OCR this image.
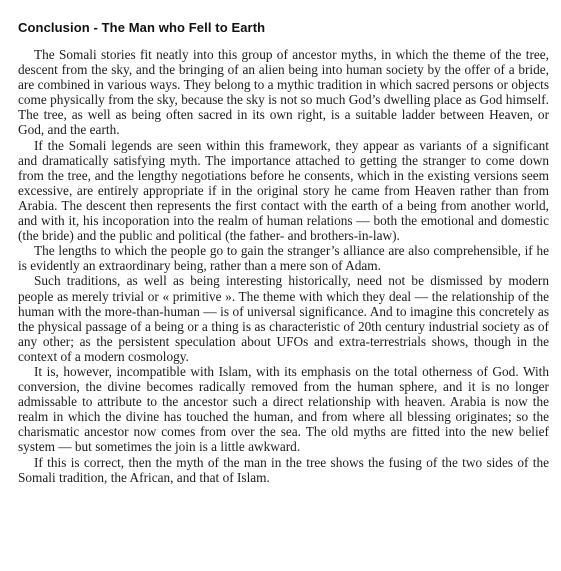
Conclusion - The Man who Fell to Earth

The Somali stories fit neatly into this group of ancestor myths, in which the theme of the tree, descent from the sky, and the bringing of an alien being into human society by the offer of a bride, are combined in various ways. They belong to a mythic tradition in which sacred persons or objects come physically from the sky, because the sky is not so much God’s dwelling place as God himself. The tree, as well as being often sacred in its own right, is a suitable ladder between Heaven, or God, and the earth.

If the Somali legends are seen within this framework, they appear as variants of a significant and dramatically satisfying myth. The importance attached to getting the stranger to come down from the tree, and the lengthy negotiations before he consents, which in the existing versions seem excessive, are entirely appropriate if in the original story he came from Heaven rather than from Arabia. The descent then represents the first contact with the earth of a being from another world, and with it, his incoporation into the realm of human relations — both the emotional and domestic (the bride) and the public and political (the father- and brothers-in-law).

The lengths to which the people go to gain the stranger’s alliance are also comprehensible, if he is evidently an extraordinary being, rather than a mere son of Adam.

Such traditions, as well as being interesting historically, need not be dismissed by modern people as merely trivial or « primitive ». The theme with which they deal — the relationship of the human with the more-than-human — is of universal significance. And to imagine this concretely as the physical passage of a being or a thing is as characteristic of 20th century industrial society as of any other; as the persistent speculation about UFOs and extra-terrestrials shows, though in the context of a modern cosmology.

It is, however, incompatible with Islam, with its emphasis on the total otherness of God. With conversion, the divine becomes radically removed from the human sphere, and it is no longer admissable to attribute to the ancestor such a direct relationship with heaven. Arabia is now the realm in which the divine has touched the human, and from where all blessing originates; so the charismatic ancestor now comes from over the sea. The old myths are fitted into the new belief system — but sometimes the join is a little awkward.

If this is correct, then the myth of the man in the tree shows the fusing of the two sides of the Somali tradition, the African, and that of Islam.
